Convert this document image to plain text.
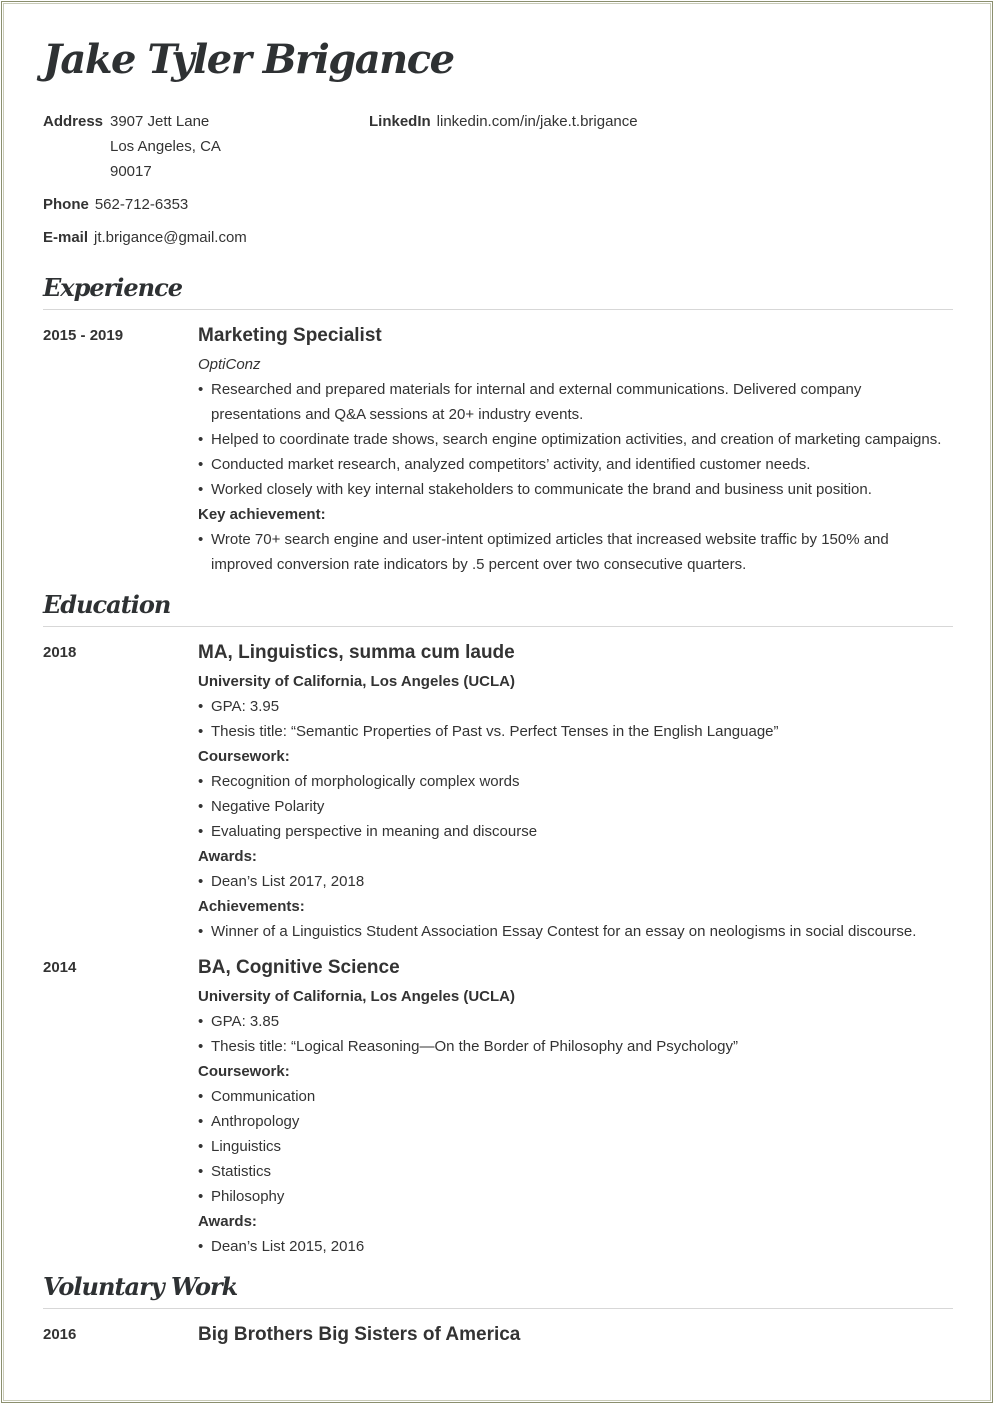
Jake Tyler Brigance
Address 3907 Jett Lane
Los Angeles, CA
90017
LinkedIn linkedin.com/in/jake.t.brigance
Phone 562-712-6353
E-mail jt.brigance@gmail.com
Experience
2015 - 2019	Marketing Specialist
OptiConz
• Researched and prepared materials for internal and external communications. Delivered company presentations and Q&A sessions at 20+ industry events.
• Helped to coordinate trade shows, search engine optimization activities, and creation of marketing campaigns.
• Conducted market research, analyzed competitors’ activity, and identified customer needs.
• Worked closely with key internal stakeholders to communicate the brand and business unit position.
Key achievement:
• Wrote 70+ search engine and user-intent optimized articles that increased website traffic by 150% and improved conversion rate indicators by .5 percent over two consecutive quarters.
Education
2018	MA, Linguistics, summa cum laude
University of California, Los Angeles (UCLA)
• GPA: 3.95
• Thesis title: “Semantic Properties of Past vs. Perfect Tenses in the English Language”
Coursework:
• Recognition of morphologically complex words
• Negative Polarity
• Evaluating perspective in meaning and discourse
Awards:
• Dean’s List 2017, 2018
Achievements:
• Winner of a Linguistics Student Association Essay Contest for an essay on neologisms in social discourse.
2014	BA, Cognitive Science
University of California, Los Angeles (UCLA)
• GPA: 3.85
• Thesis title: “Logical Reasoning—On the Border of Philosophy and Psychology”
Coursework:
• Communication
• Anthropology
• Linguistics
• Statistics
• Philosophy
Awards:
• Dean’s List 2015, 2016
Voluntary Work
2016	Big Brothers Big Sisters of America
